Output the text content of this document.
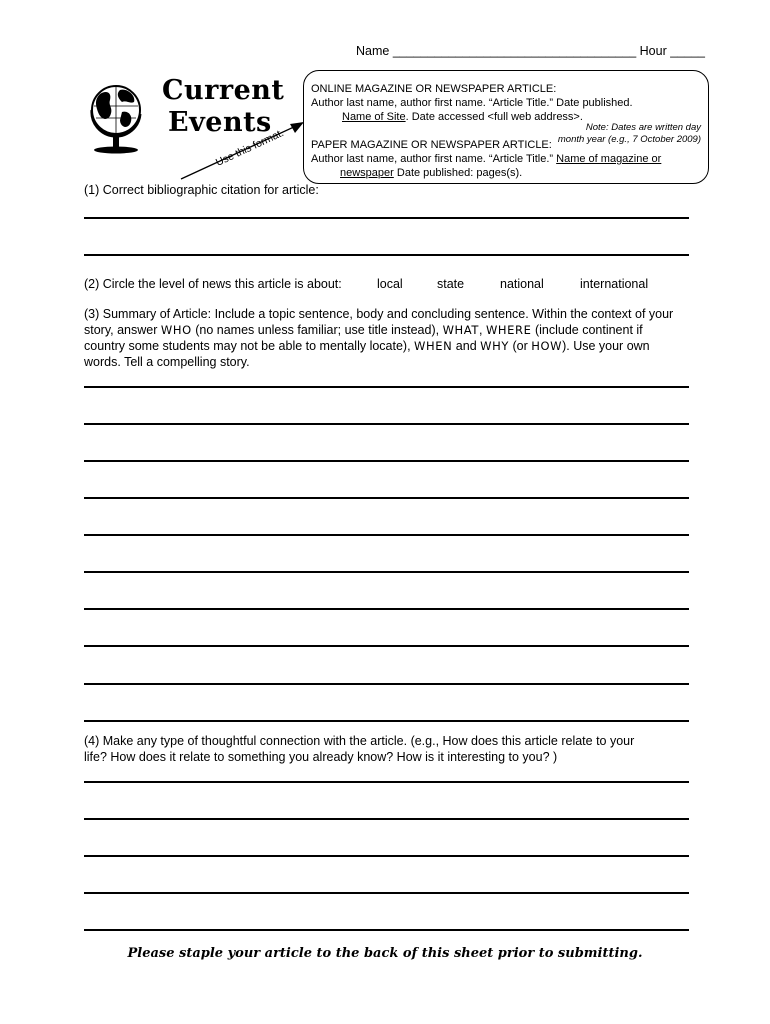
Name ___________________________________ Hour _____
Current
Events
Use this format.
ONLINE MAGAZINE OR NEWSPAPER ARTICLE:
Author last name, author first name. “Article Title.” Date published.
Name of Site. Date accessed <full web address>.
Note: Dates are written day
month year (e.g., 7 October 2009)
PAPER MAGAZINE OR NEWSPAPER ARTICLE:
Author last name, author first name. “Article Title.” Name of magazine or
newspaper Date published: pages(s).
(1) Correct bibliographic citation for article:
(2) Circle the level of news this article is about:	local	state	national	international
(3) Summary of Article: Include a topic sentence, body and concluding sentence. Within the context of your
story, answer WHO (no names unless familiar; use title instead), WHAT, WHERE (include continent if
country some students may not be able to mentally locate), WHEN and WHY (or HOW). Use your own
words. Tell a compelling story.
(4) Make any type of thoughtful connection with the article. (e.g., How does this article relate to your
life? How does it relate to something you already know? How is it interesting to you? )
Please staple your article to the back of this sheet prior to submitting.
